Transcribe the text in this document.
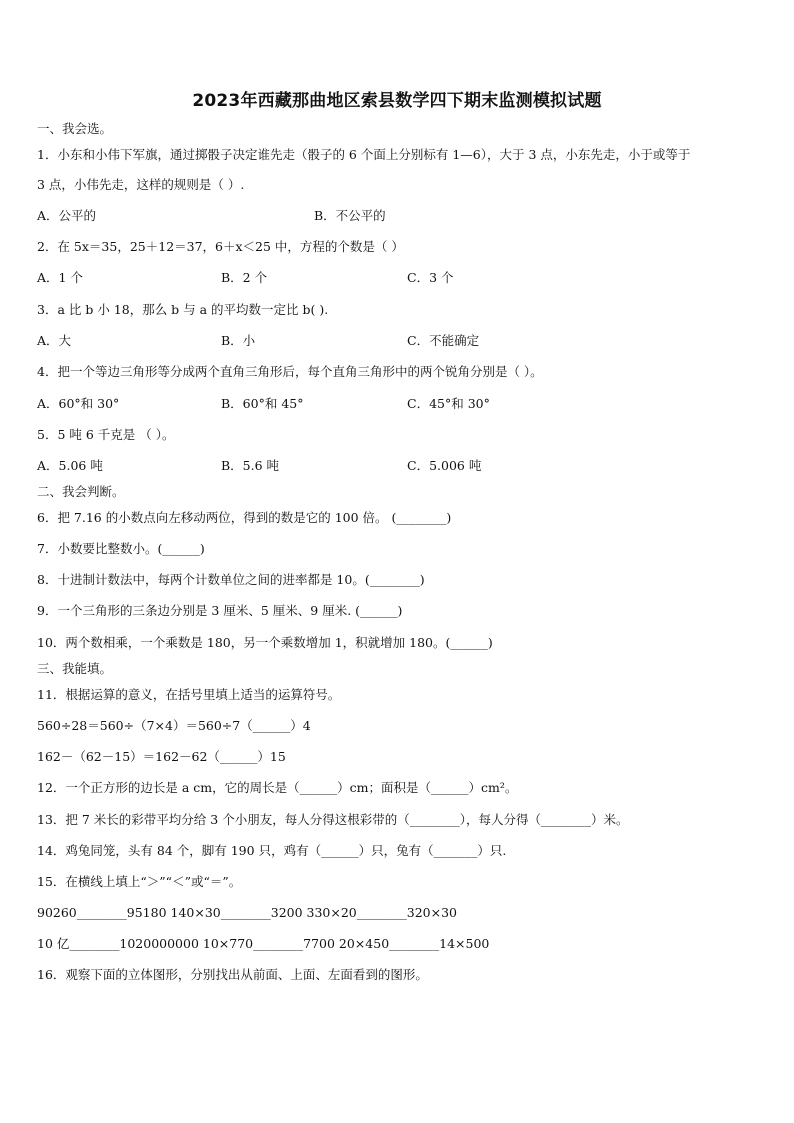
2023年西藏那曲地区索县数学四下期末监测模拟试题
一、我会选。
1．小东和小伟下军旗，通过掷骰子决定谁先走（骰子的 6 个面上分别标有 1—6），大于 3 点，小东先走，小于或等于
3 点，小伟先走，这样的规则是（ ）.
A．公平的	B．不公平的
2．在 5x＝35，25＋12＝37，6＋x＜25 中，方程的个数是（ ）
A．1 个	B．2 个	C．3 个
3．a 比 b 小 18，那么 b 与 a 的平均数一定比 b( ).
A．大	B．小	C．不能确定
4．把一个等边三角形等分成两个直角三角形后，每个直角三角形中的两个锐角分别是（ ）。
A．60°和 30°	B．60°和 45°	C．45°和 30°
5．5 吨 6 千克是 （ ）。
A．5.06 吨	B．5.6 吨	C．5.006 吨
二、我会判断。
6．把 7.16 的小数点向左移动两位，得到的数是它的 100 倍。 (________)
7．小数要比整数小。(______)
8．十进制计数法中，每两个计数单位之间的进率都是 10。(________)
9．一个三角形的三条边分别是 3 厘米、5 厘米、9 厘米. (______)
10．两个数相乘，一个乘数是 180，另一个乘数增加 1，积就增加 180。(______)
三、我能填。
11．根据运算的意义，在括号里填上适当的运算符号。
560÷28＝560÷（7×4）＝560÷7（______）4
162－（62－15）＝162－62（______）15
12．一个正方形的边长是 a cm，它的周长是（______）cm；面积是（______）cm²。
13．把 7 米长的彩带平均分给 3 个小朋友，每人分得这根彩带的（________），每人分得（________）米。
14．鸡兔同笼，头有 84 个，脚有 190 只，鸡有（______）只，兔有（_______）只.
15．在横线上填上“＞”“＜”或“＝”。
90260________95180 140×30________3200 330×20________320×30
10 亿________1020000000 10×770________7700 20×450________14×500
16．观察下面的立体图形，分别找出从前面、上面、左面看到的图形。
